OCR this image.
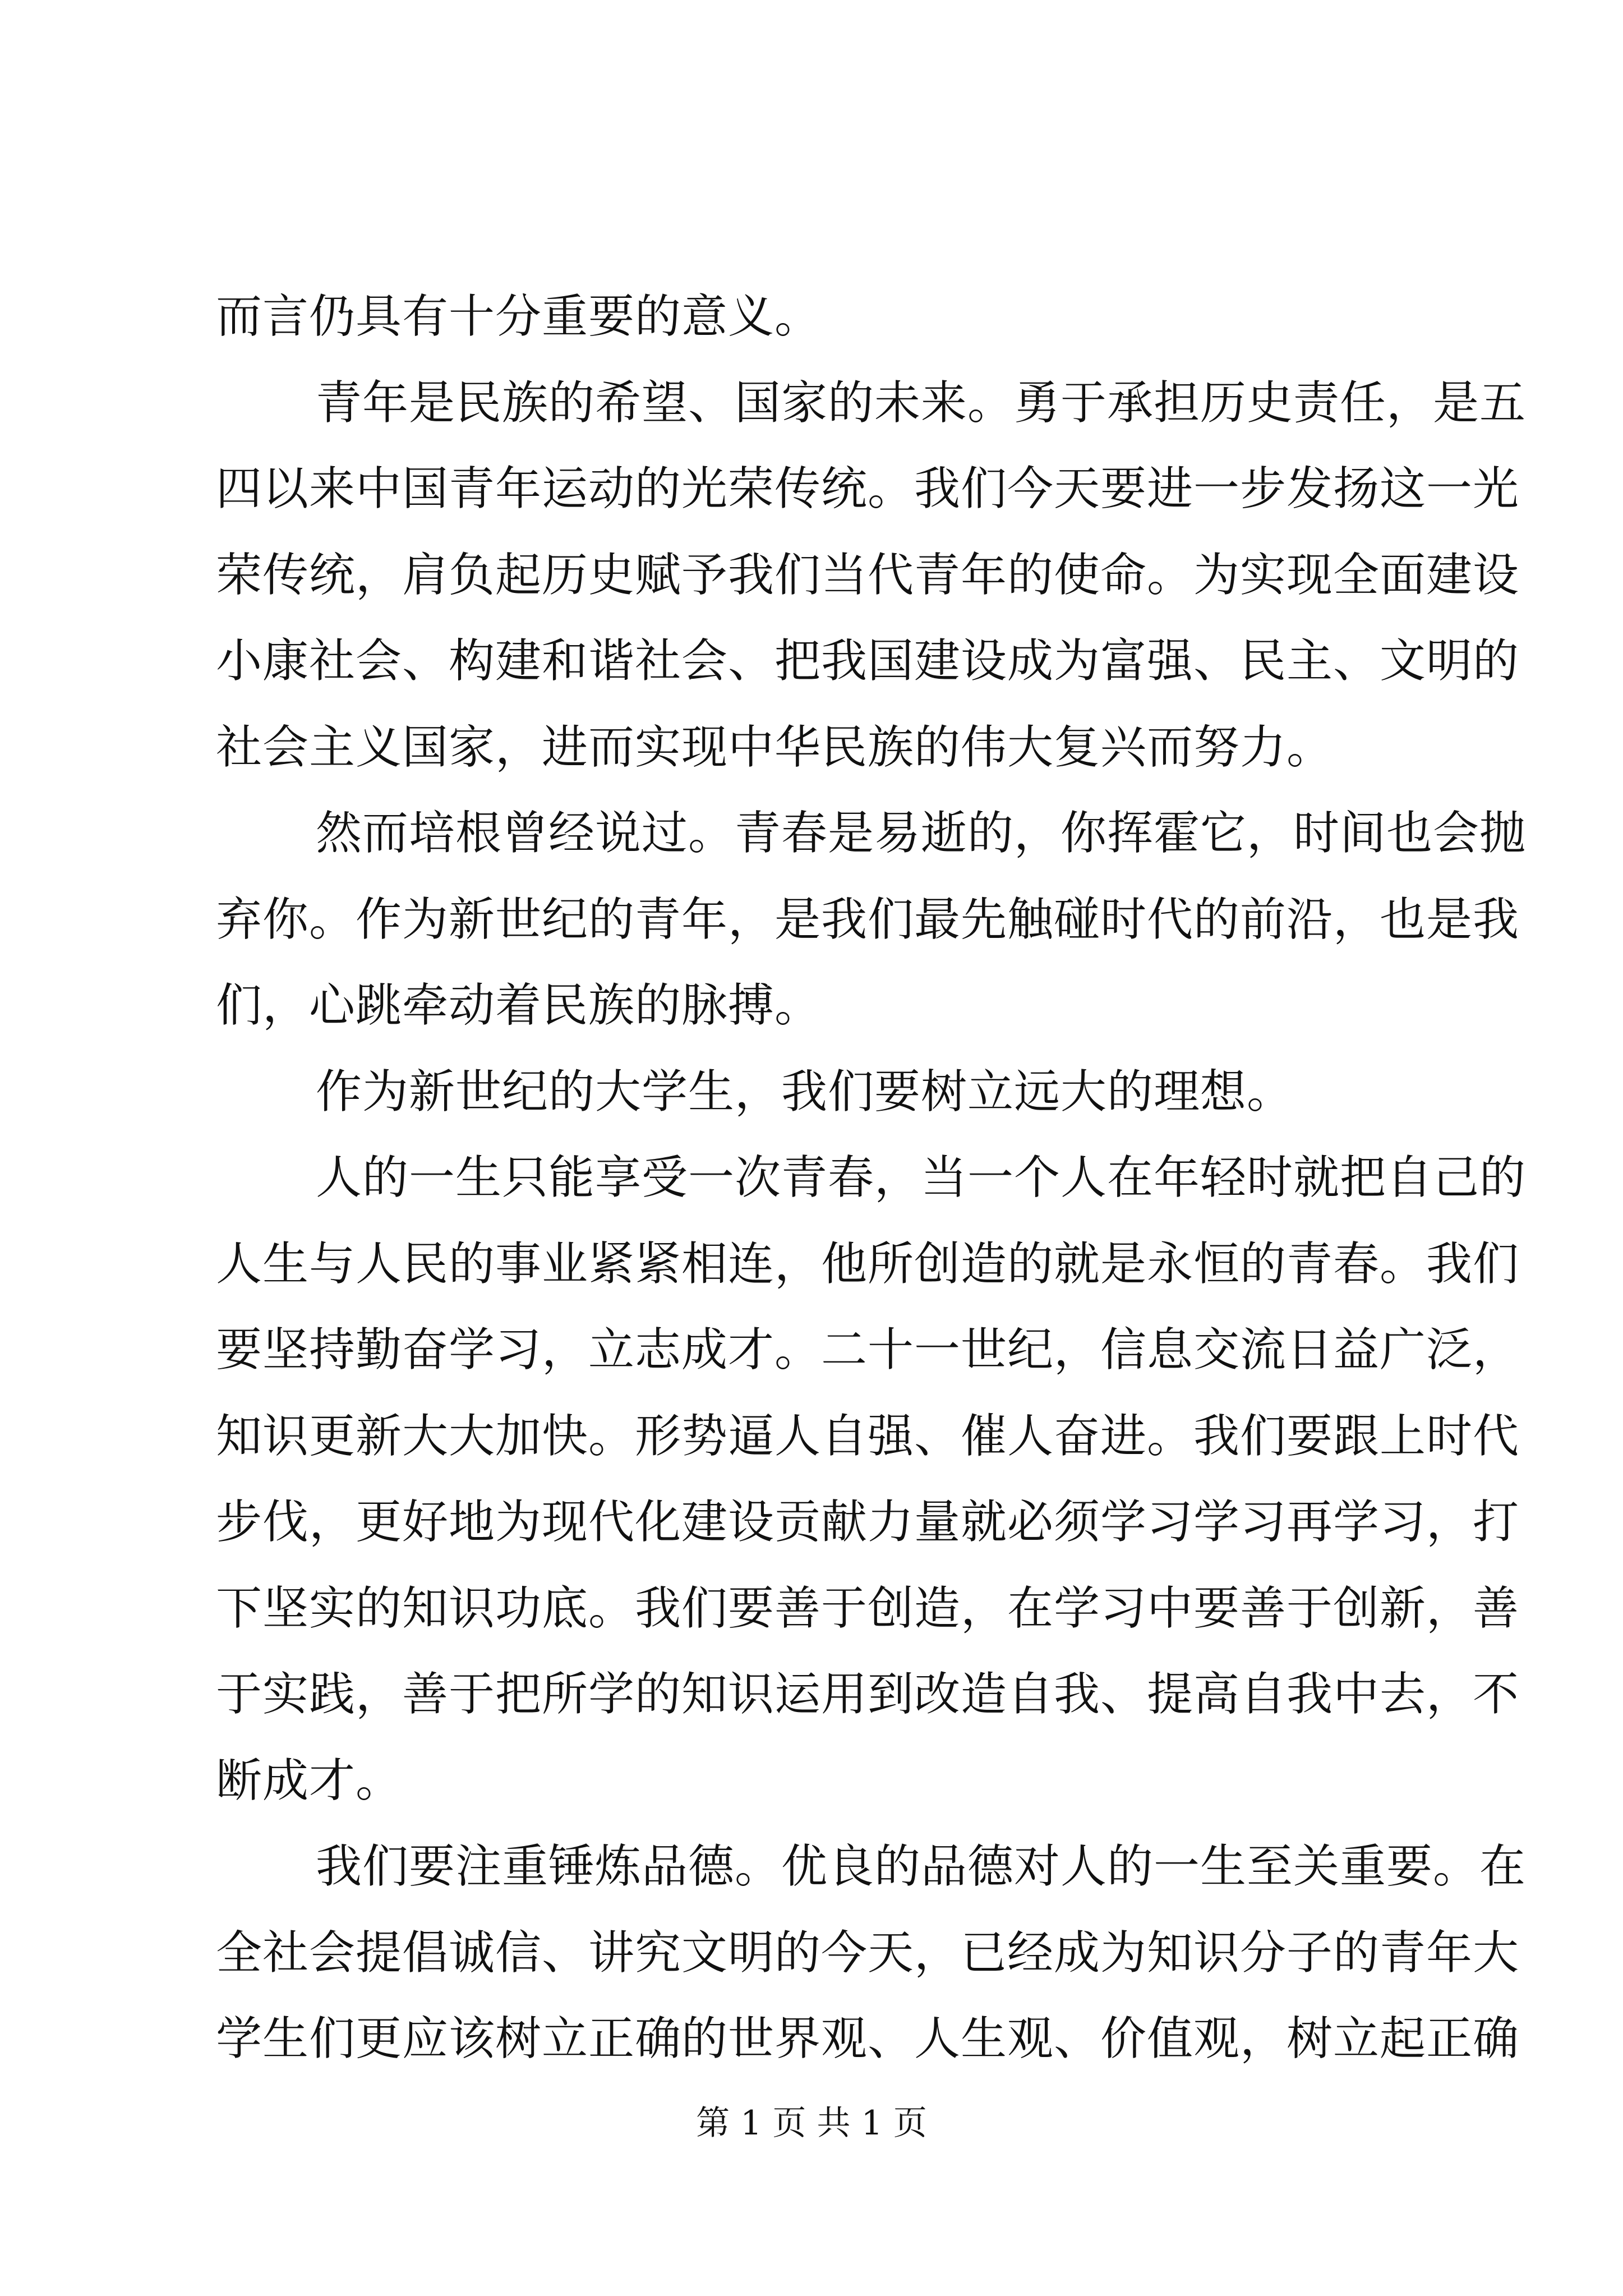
而言仍具有十分重要的意义。
青年是民族的希望、国家的未来。勇于承担历史责任，是五
四以来中国青年运动的光荣传统。我们今天要进一步发扬这一光
荣传统，肩负起历史赋予我们当代青年的使命。为实现全面建设
小康社会、构建和谐社会、把我国建设成为富强、民主、文明的
社会主义国家，进而实现中华民族的伟大复兴而努力。
然而培根曾经说过。青春是易逝的，你挥霍它，时间也会抛
弃你。作为新世纪的青年，是我们最先触碰时代的前沿，也是我
们，心跳牵动着民族的脉搏。
作为新世纪的大学生，我们要树立远大的理想。
人的一生只能享受一次青春，当一个人在年轻时就把自己的
人生与人民的事业紧紧相连，他所创造的就是永恒的青春。我们
要坚持勤奋学习，立志成才。二十一世纪，信息交流日益广泛，
知识更新大大加快。形势逼人自强、催人奋进。我们要跟上时代
步伐，更好地为现代化建设贡献力量就必须学习学习再学习，打
下坚实的知识功底。我们要善于创造，在学习中要善于创新，善
于实践，善于把所学的知识运用到改造自我、提高自我中去，不
断成才。
我们要注重锤炼品德。优良的品德对人的一生至关重要。在
全社会提倡诚信、讲究文明的今天，已经成为知识分子的青年大
学生们更应该树立正确的世界观、人生观、价值观，树立起正确
第 1 页 共 1 页
